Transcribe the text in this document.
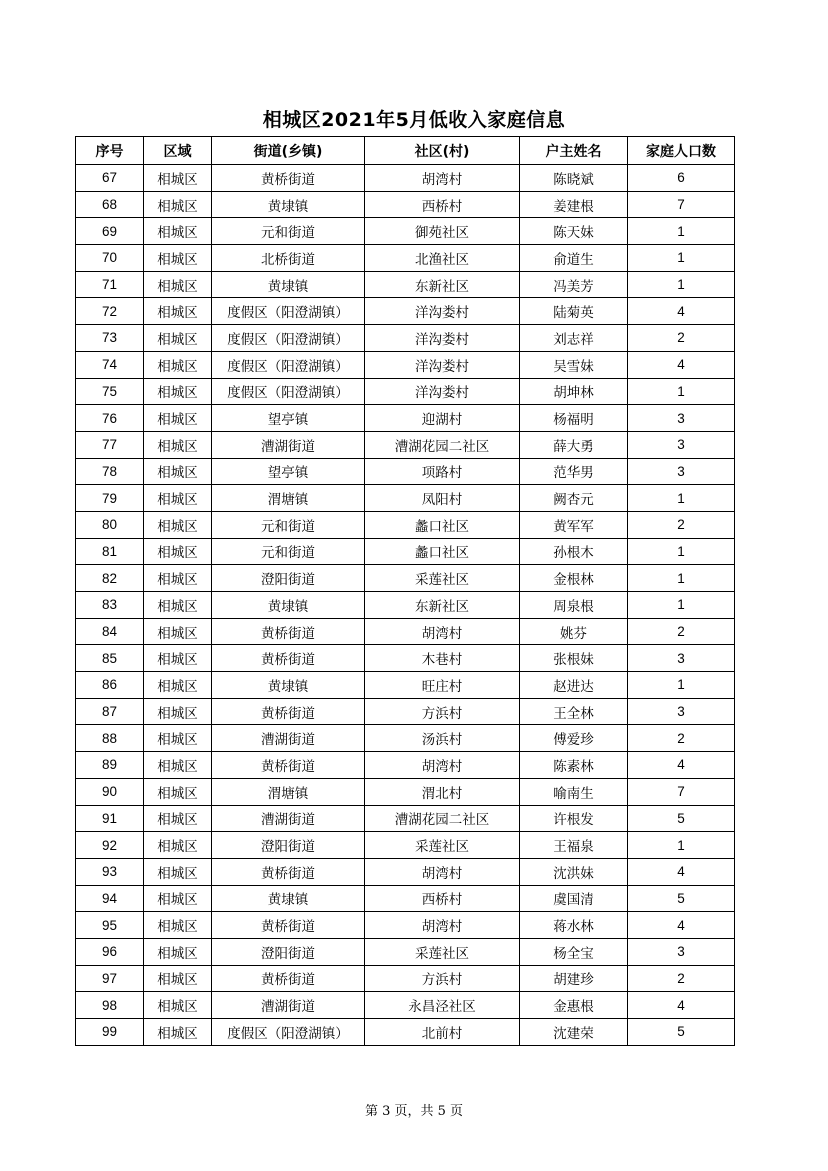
相城区2021年5月低收入家庭信息
序号	区域	街道(乡镇)	社区(村)	户主姓名	家庭人口数
67	相城区	黄桥街道	胡湾村	陈晓斌	6
68	相城区	黄埭镇	西桥村	姜建根	7
69	相城区	元和街道	御苑社区	陈天妹	1
70	相城区	北桥街道	北渔社区	俞道生	1
71	相城区	黄埭镇	东新社区	冯美芳	1
72	相城区	度假区（阳澄湖镇）	洋沟娄村	陆菊英	4
73	相城区	度假区（阳澄湖镇）	洋沟娄村	刘志祥	2
74	相城区	度假区（阳澄湖镇）	洋沟娄村	吴雪妹	4
75	相城区	度假区（阳澄湖镇）	洋沟娄村	胡坤林	1
76	相城区	望亭镇	迎湖村	杨福明	3
77	相城区	漕湖街道	漕湖花园二社区	薛大勇	3
78	相城区	望亭镇	项路村	范华男	3
79	相城区	渭塘镇	凤阳村	阙杏元	1
80	相城区	元和街道	蠡口社区	黄军军	2
81	相城区	元和街道	蠡口社区	孙根木	1
82	相城区	澄阳街道	采莲社区	金根林	1
83	相城区	黄埭镇	东新社区	周泉根	1
84	相城区	黄桥街道	胡湾村	姚芬	2
85	相城区	黄桥街道	木巷村	张根妹	3
86	相城区	黄埭镇	旺庄村	赵进达	1
87	相城区	黄桥街道	方浜村	王全林	3
88	相城区	漕湖街道	汤浜村	傅爱珍	2
89	相城区	黄桥街道	胡湾村	陈素林	4
90	相城区	渭塘镇	渭北村	喻南生	7
91	相城区	漕湖街道	漕湖花园二社区	许根发	5
92	相城区	澄阳街道	采莲社区	王福泉	1
93	相城区	黄桥街道	胡湾村	沈洪妹	4
94	相城区	黄埭镇	西桥村	虞国清	5
95	相城区	黄桥街道	胡湾村	蒋水林	4
96	相城区	澄阳街道	采莲社区	杨全宝	3
97	相城区	黄桥街道	方浜村	胡建珍	2
98	相城区	漕湖街道	永昌泾社区	金惠根	4
99	相城区	度假区（阳澄湖镇）	北前村	沈建荣	5
第 3 页，共 5 页
